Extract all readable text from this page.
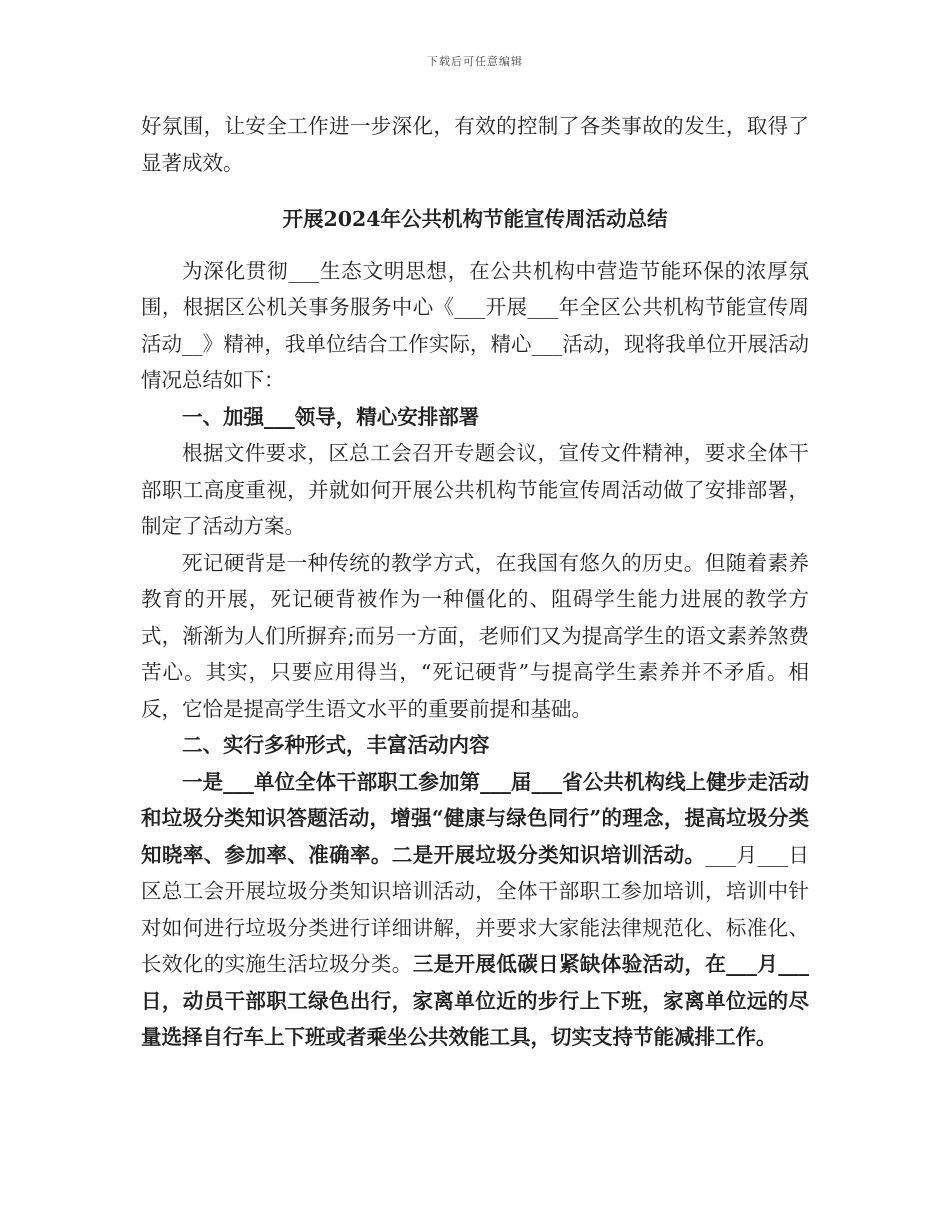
下载后可任意编辑

好氛围，让安全工作进一步深化，有效的控制了各类事故的发生，取得了显著成效。

开展2024年公共机构节能宣传周活动总结

为深化贯彻___生态文明思想，在公共机构中营造节能环保的浓厚氛围，根据区公机关事务服务中心《___开展___年全区公共机构节能宣传周活动__》精神，我单位结合工作实际，精心___活动，现将我单位开展活动情况总结如下：

一、加强___领导，精心安排部署

根据文件要求，区总工会召开专题会议，宣传文件精神，要求全体干部职工高度重视，并就如何开展公共机构节能宣传周活动做了安排部署，制定了活动方案。

死记硬背是一种传统的教学方式，在我国有悠久的历史。但随着素养教育的开展，死记硬背被作为一种僵化的、阻碍学生能力进展的教学方式，渐渐为人们所摒弃;而另一方面，老师们又为提高学生的语文素养煞费苦心。其实，只要应用得当，“死记硬背”与提高学生素养并不矛盾。相反，它恰是提高学生语文水平的重要前提和基础。

二、实行多种形式，丰富活动内容

一是___单位全体干部职工参加第___届___省公共机构线上健步走活动和垃圾分类知识答题活动，增强“健康与绿色同行”的理念，提高垃圾分类知晓率、参加率、准确率。二是开展垃圾分类知识培训活动。___月___日区总工会开展垃圾分类知识培训活动，全体干部职工参加培训，培训中针对如何进行垃圾分类进行详细讲解，并要求大家能法律规范化、标准化、长效化的实施生活垃圾分类。三是开展低碳日紧缺体验活动，在___月___日，动员干部职工绿色出行，家离单位近的步行上下班，家离单位远的尽量选择自行车上下班或者乘坐公共效能工具，切实支持节能减排工作。
